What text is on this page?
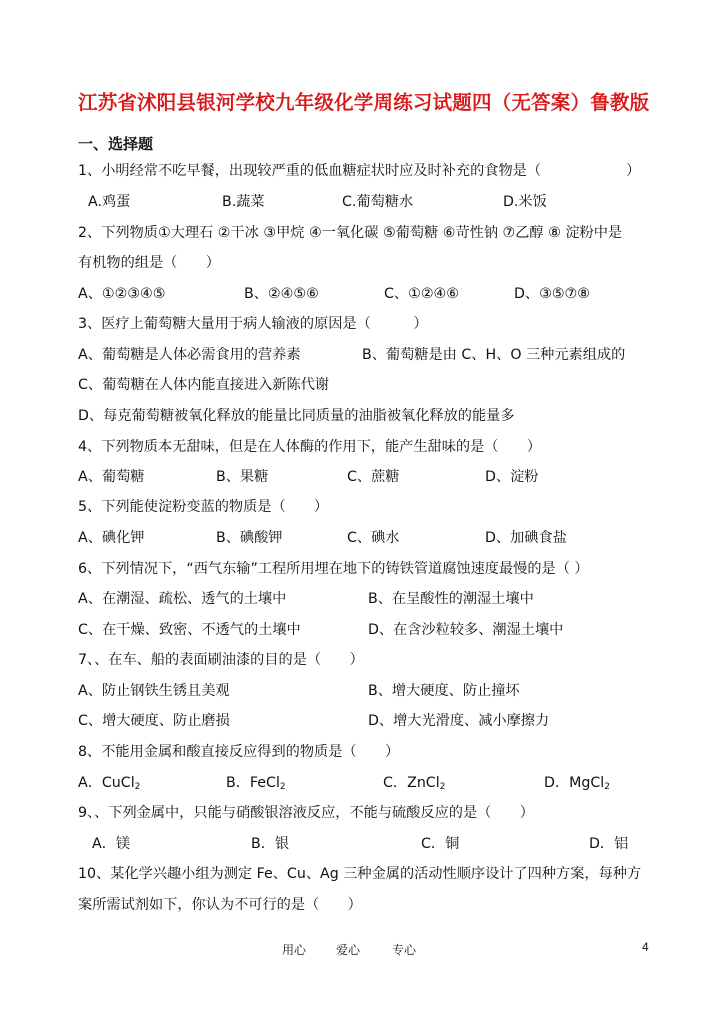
江苏省沭阳县银河学校九年级化学周练习试题四（无答案）鲁教版
一、选择题
1、小明经常不吃早餐，出现较严重的低血糖症状时应及时补充的食物是（　　　　　　）
A.鸡蛋	B.蔬菜	C.葡萄糖水	D.米饭
2、下列物质①大理石 ②干冰 ③甲烷 ④一氧化碳 ⑤葡萄糖 ⑥苛性钠 ⑦乙醇 ⑧ 淀粉中是
有机物的组是（　　）
A、①②③④⑤	B、②④⑤⑥	C、①②④⑥	D、③⑤⑦⑧
3、医疗上葡萄糖大量用于病人输液的原因是（　　　）
A、葡萄糖是人体必需食用的营养素	B、葡萄糖是由 C、H、O 三种元素组成的
C、葡萄糖在人体内能直接进入新陈代谢
D、每克葡萄糖被氧化释放的能量比同质量的油脂被氧化释放的能量多
4、下列物质本无甜味，但是在人体酶的作用下，能产生甜味的是（　　）
A、葡萄糖	B、果糖	C、蔗糖	D、淀粉
5、下列能使淀粉变蓝的物质是（　　）
A、碘化钾	B、碘酸钾	C、碘水	D、加碘食盐
6、下列情况下，“西气东输”工程所用埋在地下的铸铁管道腐蚀速度最慢的是（ ）
A、在潮湿、疏松、透气的土壤中	B、在呈酸性的潮湿土壤中
C、在干燥、致密、不透气的土壤中	D、在含沙粒较多、潮湿土壤中
7、、在车、船的表面刷油漆的目的是（　　）
A、防止钢铁生锈且美观	B、增大硬度、防止撞坏
C、增大硬度、防止磨损	D、增大光滑度、减小摩擦力
8、不能用金属和酸直接反应得到的物质是（　　）
A．CuCl$_2$	B．FeCl$_2$	C．ZnCl$_2$	D．MgCl$_2$
9、、下列金属中，只能与硝酸银溶液反应，不能与硫酸反应的是（　　）
A．镁	B．银	C．铜	D．铝
10、某化学兴趣小组为测定 Fe、Cu、Ag 三种金属的活动性顺序设计了四种方案，每种方
案所需试剂如下，你认为不可行的是（　　）
用心 爱心	专心	4
